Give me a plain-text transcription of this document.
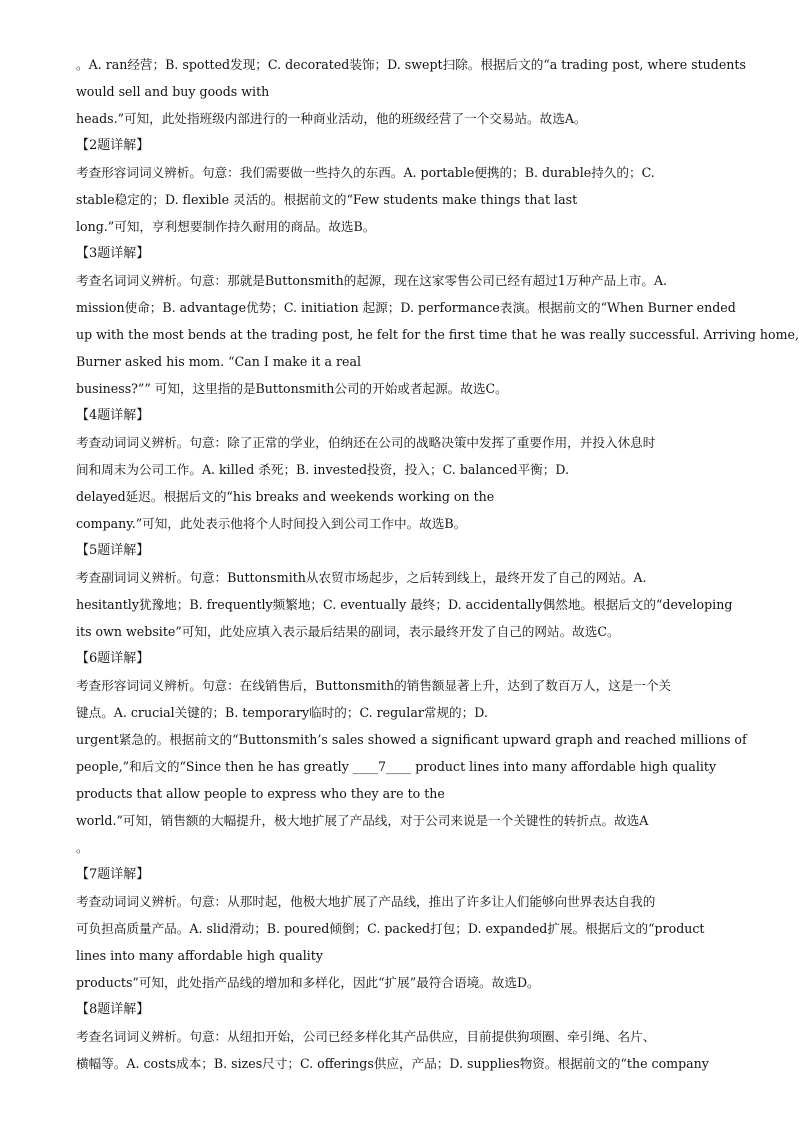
。A. ran经营；B. spotted发现；C. decorated装饰；D. swept扫除。根据后文的“a trading post, where students
would sell and buy goods with
heads.”可知，此处指班级内部进行的一种商业活动，他的班级经营了一个交易站。故选A。
【2题详解】
考查形容词词义辨析。句意：我们需要做一些持久的东西。A. portable便携的；B. durable持久的；C.
stable稳定的；D. flexible 灵活的。根据前文的“Few students make things that last
long.”可知，亨利想要制作持久耐用的商品。故选B。
【3题详解】
考查名词词义辨析。句意：那就是Buttonsmith的起源，现在这家零售公司已经有超过1万种产品上市。A.
mission使命；B. advantage优势；C. initiation 起源；D. performance表演。根据前文的“When Burner ended
up with the most bends at the trading post, he felt for the first time that he was really successful. Arriving home,
Burner asked his mom. “Can I make it a real
business?”” 可知，这里指的是Buttonsmith公司的开始或者起源。故选C。
【4题详解】
考查动词词义辨析。句意：除了正常的学业，伯纳还在公司的战略决策中发挥了重要作用，并投入休息时
间和周末为公司工作。A. killed 杀死；B. invested投资，投入；C. balanced平衡；D.
delayed延迟。根据后文的“his breaks and weekends working on the
company.”可知，此处表示他将个人时间投入到公司工作中。故选B。
【5题详解】
考查副词词义辨析。句意：Buttonsmith从农贸市场起步，之后转到线上，最终开发了自己的网站。A.
hesitantly犹豫地；B. frequently频繁地；C. eventually 最终；D. accidentally偶然地。根据后文的“developing
its own website”可知，此处应填入表示最后结果的副词，表示最终开发了自己的网站。故选C。
【6题详解】
考查形容词词义辨析。句意：在线销售后，Buttonsmith的销售额显著上升，达到了数百万人，这是一个关
键点。A. crucial关键的；B. temporary临时的；C. regular常规的；D.
urgent紧急的。根据前文的“Buttonsmith’s sales showed a significant upward graph and reached millions of
people,”和后文的“Since then he has greatly ____7____ product lines into many affordable high quality
products that allow people to express who they are to the
world.”可知，销售额的大幅提升，极大地扩展了产品线，对于公司来说是一个关键性的转折点。故选A
。
【7题详解】
考查动词词义辨析。句意：从那时起，他极大地扩展了产品线，推出了许多让人们能够向世界表达自我的
可负担高质量产品。A. slid滑动；B. poured倾倒；C. packed打包；D. expanded扩展。根据后文的“product
lines into many affordable high quality
products”可知，此处指产品线的增加和多样化，因此“扩展”最符合语境。故选D。
【8题详解】
考查名词词义辨析。句意：从纽扣开始，公司已经多样化其产品供应，目前提供狗项圈、牵引绳、名片、
横幅等。A. costs成本；B. sizes尺寸；C. offerings供应，产品；D. supplies物资。根据前文的“the company
